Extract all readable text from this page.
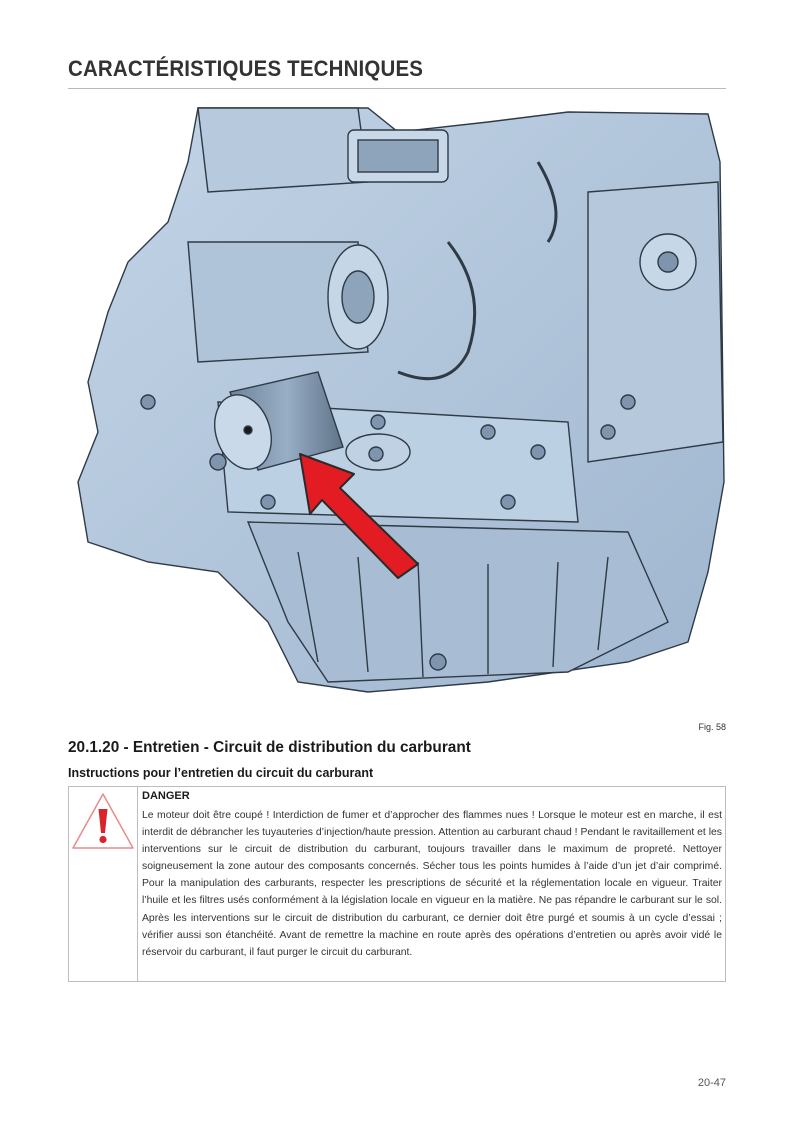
CARACTÉRISTIQUES TECHNIQUES
Fig. 58
20.1.20 - Entretien - Circuit de distribution du carburant
Instructions pour l’entretien du circuit du carburant
DANGER

Le moteur doit être coupé ! Interdiction de fumer et d’approcher des flammes nues ! Lorsque le moteur est en marche, il est interdit de débrancher les tuyauteries d’injection/haute pression. Attention au carburant chaud ! Pendant le ravitaillement et les interventions sur le circuit de distribution du carburant, toujours travailler dans le maximum de propreté. Nettoyer soigneusement la zone autour des composants concernés. Sécher tous les points humides à l’aide d’un jet d’air comprimé. Pour la manipulation des carburants, respecter les prescriptions de sécurité et la réglementation locale en vigueur. Traiter l’huile et les filtres usés conformément à la législation locale en vigueur en la matière. Ne pas répandre le carburant sur le sol. Après les interventions sur le circuit de distribution du carburant, ce dernier doit être purgé et soumis à un cycle d’essai ; vérifier aussi son étanchéité. Avant de remettre la machine en route après des opérations d’entretien ou après avoir vidé le réservoir du carburant, il faut purger le circuit du carburant.

20-47
